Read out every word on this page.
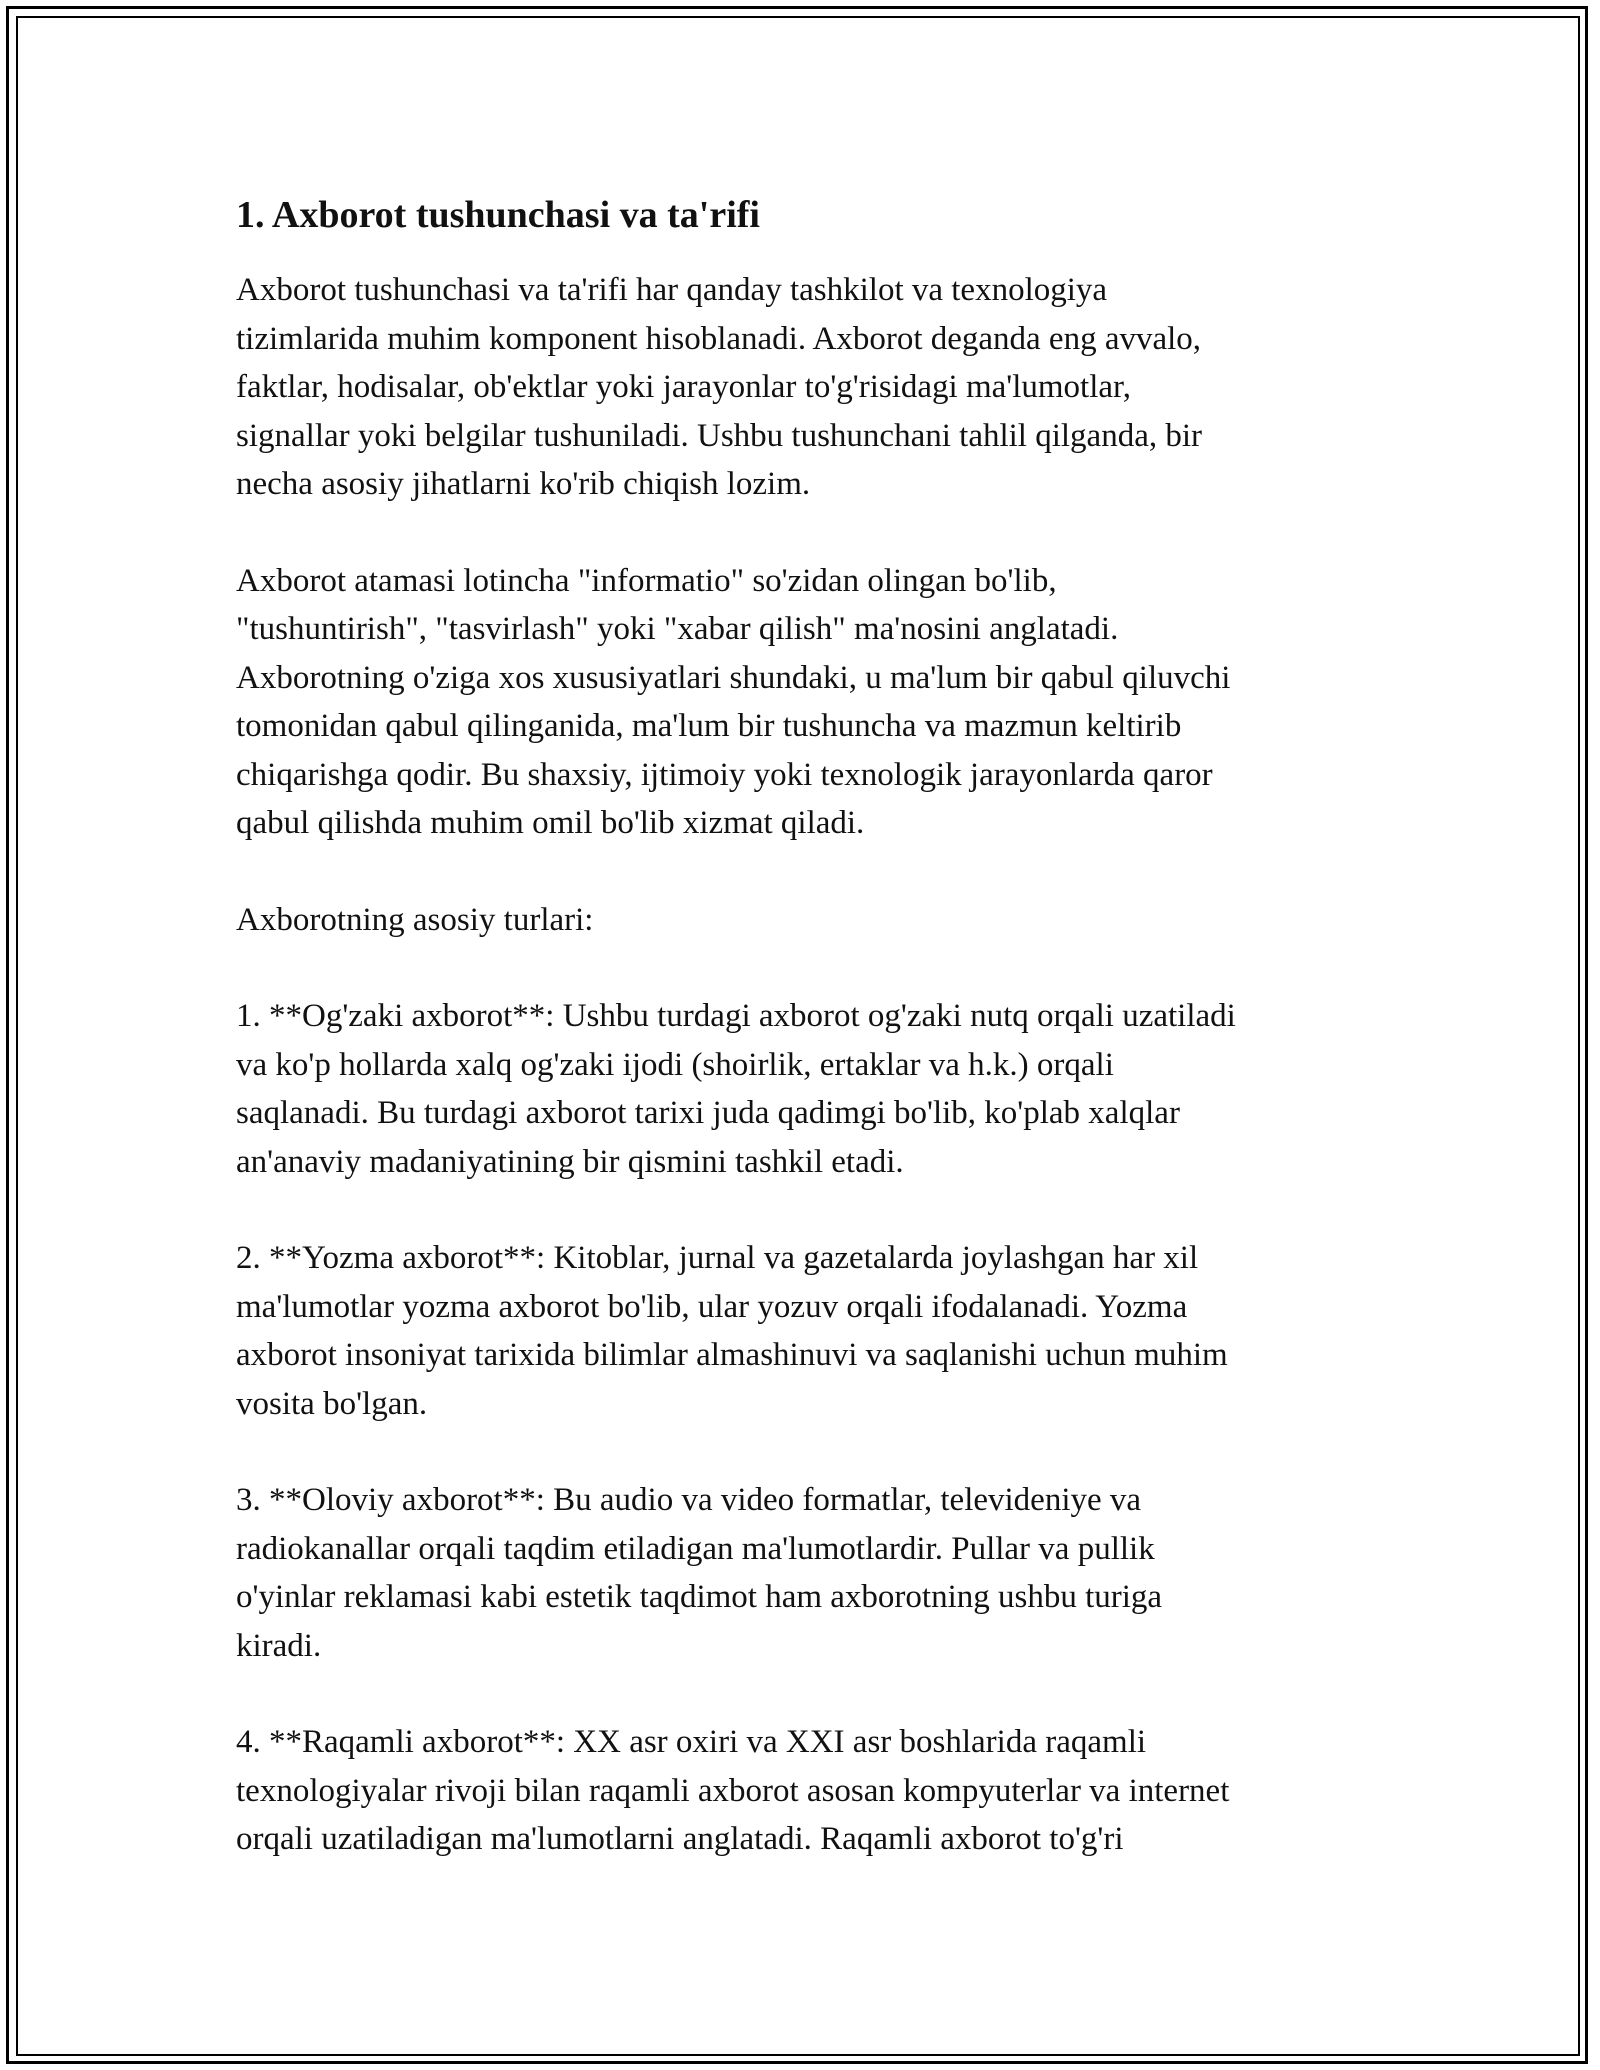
1. Axborot tushunchasi va ta'rifi

Axborot tushunchasi va ta'rifi har qanday tashkilot va texnologiya
tizimlarida muhim komponent hisoblanadi. Axborot deganda eng avvalo,
faktlar, hodisalar, ob'ektlar yoki jarayonlar to'g'risidagi ma'lumotlar,
signallar yoki belgilar tushuniladi. Ushbu tushunchani tahlil qilganda, bir
necha asosiy jihatlarni ko'rib chiqish lozim.

Axborot atamasi lotincha "informatio" so'zidan olingan bo'lib,
"tushuntirish", "tasvirlash" yoki "xabar qilish" ma'nosini anglatadi.
Axborotning o'ziga xos xususiyatlari shundaki, u ma'lum bir qabul qiluvchi
tomonidan qabul qilinganida, ma'lum bir tushuncha va mazmun keltirib
chiqarishga qodir. Bu shaxsiy, ijtimoiy yoki texnologik jarayonlarda qaror
qabul qilishda muhim omil bo'lib xizmat qiladi.

Axborotning asosiy turlari:

1. **Og'zaki axborot**: Ushbu turdagi axborot og'zaki nutq orqali uzatiladi
va ko'p hollarda xalq og'zaki ijodi (shoirlik, ertaklar va h.k.) orqali
saqlanadi. Bu turdagi axborot tarixi juda qadimgi bo'lib, ko'plab xalqlar
an'anaviy madaniyatining bir qismini tashkil etadi.

2. **Yozma axborot**: Kitoblar, jurnal va gazetalarda joylashgan har xil
ma'lumotlar yozma axborot bo'lib, ular yozuv orqali ifodalanadi. Yozma
axborot insoniyat tarixida bilimlar almashinuvi va saqlanishi uchun muhim
vosita bo'lgan.

3. **Oloviy axborot**: Bu audio va video formatlar, televideniye va
radiokanallar orqali taqdim etiladigan ma'lumotlardir. Pullar va pullik
o'yinlar reklamasi kabi estetik taqdimot ham axborotning ushbu turiga
kiradi.

4. **Raqamli axborot**: XX asr oxiri va XXI asr boshlarida raqamli
texnologiyalar rivoji bilan raqamli axborot asosan kompyuterlar va internet
orqali uzatiladigan ma'lumotlarni anglatadi. Raqamli axborot to'g'ri
